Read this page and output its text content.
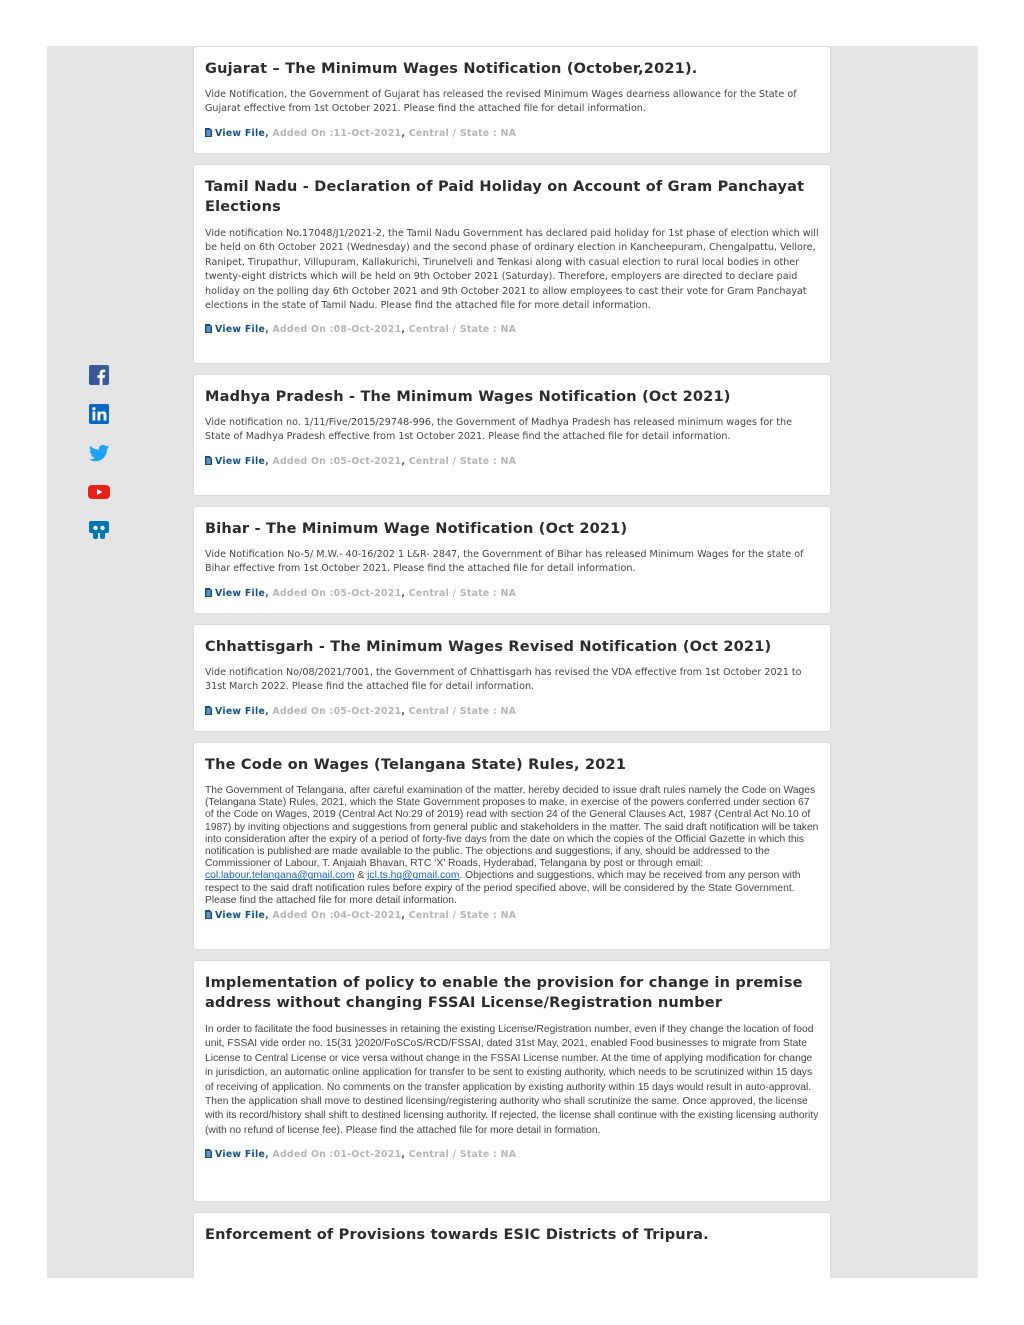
Gujarat – The Minimum Wages Notification (October,2021).

Vide Notification, the Government of Gujarat has released the revised Minimum Wages dearness allowance for the State of Gujarat effective from 1st October 2021. Please find the attached file for detail information.

View File, Added On :11-Oct-2021, Central / State : NA
Tamil Nadu - Declaration of Paid Holiday on Account of Gram Panchayat Elections

Vide notification No.17048/J1/2021-2, the Tamil Nadu Government has declared paid holiday for 1st phase of election which will be held on 6th October 2021 (Wednesday) and the second phase of ordinary election in Kancheepuram, Chengalpattu, Vellore, Ranipet, Tirupathur, Villupuram, Kallakurichi, Tirunelveli and Tenkasi along with casual election to rural local bodies in other twenty-eight districts which will be held on 9th October 2021 (Saturday). Therefore, employers are directed to declare paid holiday on the polling day 6th October 2021 and 9th October 2021 to allow employees to cast their vote for Gram Panchayat elections in the state of Tamil Nadu. Please find the attached file for more detail information.

View File, Added On :08-Oct-2021, Central / State : NA
Madhya Pradesh - The Minimum Wages Notification (Oct 2021)

Vide notification no. 1/11/Five/2015/29748-996, the Government of Madhya Pradesh has released minimum wages for the State of Madhya Pradesh effective from 1st October 2021. Please find the attached file for detail information.

View File, Added On :05-Oct-2021, Central / State : NA
Bihar - The Minimum Wage Notification (Oct 2021)

Vide Notification No-5/ M.W.- 40-16/202 1 L&R- 2847, the Government of Bihar has released Minimum Wages for the state of Bihar effective from 1st October 2021. Please find the attached file for detail information.

View File, Added On :05-Oct-2021, Central / State : NA
Chhattisgarh - The Minimum Wages Revised Notification (Oct 2021)

Vide notification No/08/2021/7001, the Government of Chhattisgarh has revised the VDA effective from 1st October 2021 to 31st March 2022. Please find the attached file for detail information.

View File, Added On :05-Oct-2021, Central / State : NA
The Code on Wages (Telangana State) Rules, 2021

The Government of Telangana, after careful examination of the matter, hereby decided to issue draft rules namely the Code on Wages (Telangana State) Rules, 2021, which the State Government proposes to make, in exercise of the powers conferred under section 67 of the Code on Wages, 2019 (Central Act No.29 of 2019) read with section 24 of the General Clauses Act, 1987 (Central Act No.10 of 1987) by inviting objections and suggestions from general public and stakeholders in the matter. The said draft notification will be taken into consideration after the expiry of a period of forty-five days from the date on which the copies of the Official Gazette in which this notification is published are made available to the public. The objections and suggestions, if any, should be addressed to the Commissioner of Labour, T. Anjaiah Bhavan, RTC ‘X’ Roads, Hyderabad, Telangana by post or through email: col.labour.telangana@gmail.com & jcl.ts.hq@gmail.com. Objections and suggestions, which may be received from any person with respect to the said draft notification rules before expiry of the period specified above, will be considered by the State Government. Please find the attached file for more detail information.

View File, Added On :04-Oct-2021, Central / State : NA
Implementation of policy to enable the provision for change in premise address without changing FSSAI License/Registration number

In order to facilitate the food businesses in retaining the existing License/Registration number, even if they change the location of food unit, FSSAI vide order no. 15(31 )2020/FoSCoS/RCD/FSSAI, dated 31st May, 2021, enabled Food businesses to migrate from State License to Central License or vice versa without change in the FSSAI License number. At the time of applying modification for change in jurisdiction, an automatic online application for transfer to be sent to existing authority, which needs to be scrutinized within 15 days of receiving of application. No comments on the transfer application by existing authority within 15 days would result in auto-approval. Then the application shall move to destined licensing/registering authority who shall scrutinize the same. Once approved, the license with its record/history shall shift to destined licensing authority. If rejected, the license shall continue with the existing licensing authority (with no refund of license fee). Please find the attached file for more detail in formation.

View File, Added On :01-Oct-2021, Central / State : NA
Enforcement of Provisions towards ESIC Districts of Tripura.
